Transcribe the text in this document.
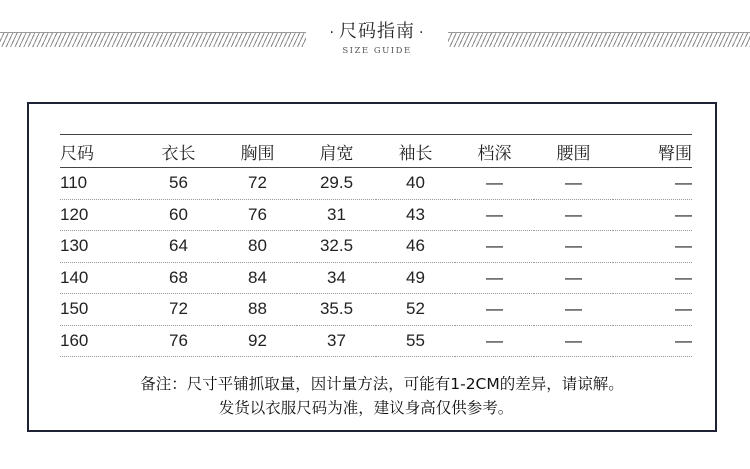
· 尺码指南 ·
SIZE GUIDE
尺码	衣长	胸围	肩宽	袖长	档深	腰围	臀围
110	56	72	29.5	40	—	—	—
120	60	76	31	43	—	—	—
130	64	80	32.5	46	—	—	—
140	68	84	34	49	—	—	—
150	72	88	35.5	52	—	—	—
160	76	92	37	55	—	—	—
备注：尺寸平铺抓取量，因计量方法，可能有1-2CM的差异，请谅解。
发货以衣服尺码为准，建议身高仅供参考。
